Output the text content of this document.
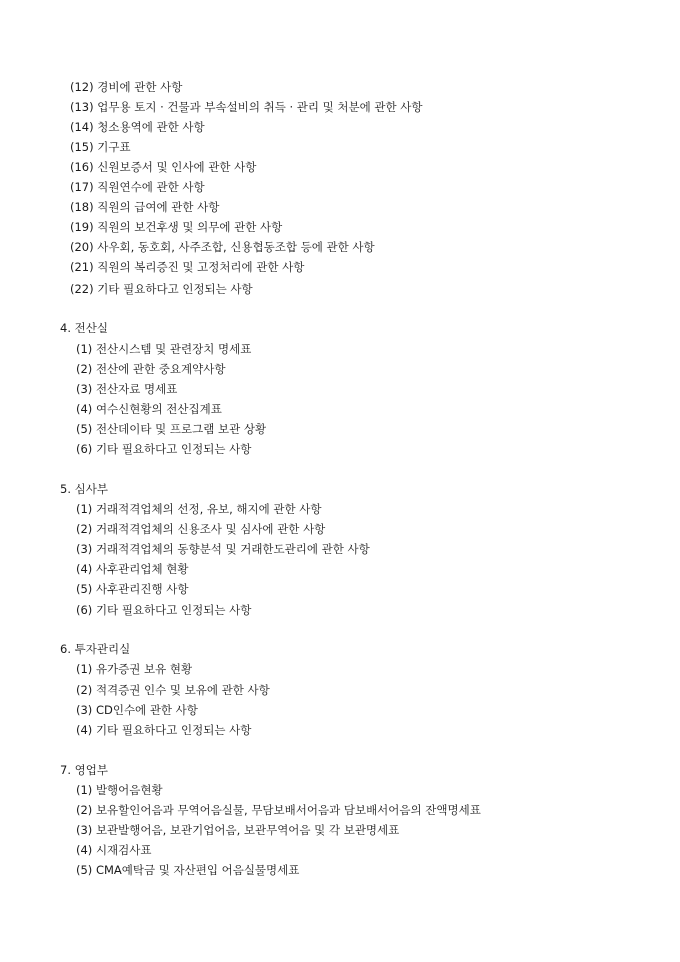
(12) 경비에 관한 사항
(13) 업무용 토지 · 건물과 부속설비의 취득 · 관리 및 처분에 관한 사항
(14) 청소용역에 관한 사항
(15) 기구표
(16) 신원보증서 및 인사에 관한 사항
(17) 직원연수에 관한 사항
(18) 직원의 급여에 관한 사항
(19) 직원의 보건후생 및 의무에 관한 사항
(20) 사우회, 동호회, 사주조합, 신용협동조합 등에 관한 사항
(21) 직원의 복리증진 및 고정처리에 관한 사항
(22) 기타 필요하다고 인정되는 사항
4. 전산실
(1) 전산시스템 및 관련장치 명세표
(2) 전산에 관한 중요계약사항
(3) 전산자료 명세표
(4) 여수신현황의 전산집계표
(5) 전산데이타 및 프로그램 보관 상황
(6) 기타 필요하다고 인정되는 사항
5. 심사부
(1) 거래적격업체의 선정, 유보, 해지에 관한 사항
(2) 거래적격업체의 신용조사 및 심사에 관한 사항
(3) 거래적격업체의 동향분석 및 거래한도관리에 관한 사항
(4) 사후관리업체 현황
(5) 사후관리진행 사항
(6) 기타 필요하다고 인정되는 사항
6. 투자관리실
(1) 유가증권 보유 현황
(2) 적격증권 인수 및 보유에 관한 사항
(3) CD인수에 관한 사항
(4) 기타 필요하다고 인정되는 사항
7. 영업부
(1) 발행어음현황
(2) 보유할인어음과 무역어음실물, 무담보배서어음과 담보배서어음의 잔액명세표
(3) 보관발행어음, 보관기업어음, 보관무역어음 및 각 보관명세표
(4) 시재검사표
(5) CMA예탁금 및 자산편입 어음실물명세표
